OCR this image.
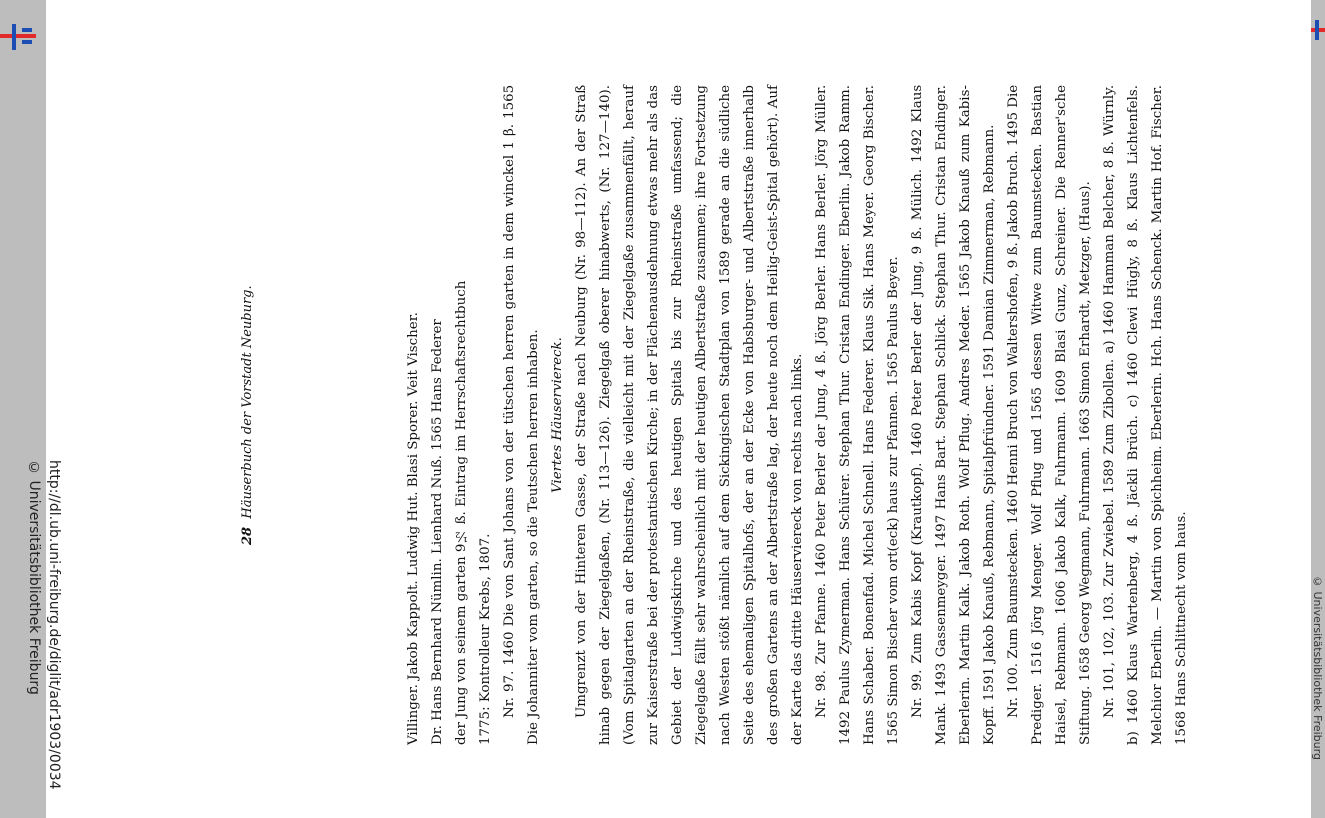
http://dl.ub.uni-freiburg.de/diglit/adr1903/0034
© Universitätsbibliothek Freiburg	© Universitätsbibliothek Freiburg
28  Häuserbuch der Vorstadt Neuburg.	Villinger. Jakob Kappolt. Ludwig Hut. Blasi Sporer. Veit Vischer. Dr. Hans Bernhard Nümlin. Lienhard Nuß. 1565 Hans Federer der Jung von seinem garten 9½ ß. Eintrag im Herrschaftsrechtbuch 1775: Kontrolleur Krebs, 1807. Nr. 97. 1460 Die von Sant Johans von der tütschen herren garten in dem winckel 1 β. 1565 Die Johanniter vom garten, so die Teutschen herren inhaben. Viertes Häuserviereck. Umgrenzt von der Hinteren Gasse, der Straße nach Neuburg (Nr. 98—112). An der Straß hinab gegen der Ziegelgaßen, (Nr. 113—126). Ziegelgaß oberer hinabwerts, (Nr. 127—140). (Vom Spitalgarten an der Rheinstraße, die vielleicht mit der Ziegelgaße zusammenfällt, herauf zur Kaiserstraße bei der protestantischen Kirche; in der Flächenausdehnung etwas mehr als das Gebiet der Ludwigskirche und des heutigen Spitals bis zur Rheinstraße umfassend; die Ziegelgaße fällt sehr wahrscheinlich mit der heutigen Albertstraße zusammen; ihre Fortsetzung nach Westen stößt nämlich auf dem Sickingischen Stadtplan von 1589 gerade an die südliche Seite des ehemaligen Spitalhofs, der an der Ecke von Habsburger- und Albertstraße innerhalb des großen Gartens an der Albertstraße lag, der heute noch dem Heilig-Geist-Spital gehört). Auf der Karte das dritte Häuserviereck von rechts nach links. Nr. 98. Zur Pfanne. 1460 Peter Berler der Jung, 4 ß. Jörg Berler. Hans Berler. Jörg Müller. 1492 Paulus Zymerman. Hans Schürer. Stephan Thur. Cristan Endinger. Eberlin. Jakob Ramm. Hans Schaber. Bonenfad. Michel Schnell. Hans Federer. Klaus Sik. Hans Meyer. Georg Bischer. 1565 Simon Bischer vom ort(eck) haus zur Pfannen. 1565 Paulus Beyer. Nr. 99. Zum Kabis Kopf (Krautkopf). 1460 Peter Berler der Jung, 9 ß. Mülich. 1492 Klaus Mank. 1493 Gassenmeyger. 1497 Hans Bart. Stephan Schlick. Stephan Thur. Cristan Endinger. Eberlerin. Martin Kalk. Jakob Roth. Wolf Pflug. Andres Meder. 1565 Jakob Knauß zum Kabis-Kopff. 1591 Jakob Knauß, Rebmann, Spitalpfründner. 1591 Damian Zimmerman, Rebmann. Nr. 100. Zum Baumstecken. 1460 Henni Bruch von Waltershofen, 9 ß. Jakob Bruch. 1495 Die Prediger. 1516 Jörg Menger. Wolf Pflug und 1565 dessen Witwe zum Baumstecken. Bastian Haisel, Rebmann. 1606 Jakob Kalk, Fuhrmann. 1609 Blasi Gunz, Schreiner. Die Renner'sche Stiftung. 1658 Georg Wegmann, Fuhrmann. 1663 Simon Erhardt, Metzger, (Haus). Nr. 101, 102, 103. Zur Zwiebel. 1589 Zum Zibollen. a) 1460 Hamman Belcher, 8 ß. Würnly. b) 1460 Klaus Wartenberg, 4 ß. Jäckli Brüch. c) 1460 Clewi Hügly, 8 ß. Klaus Lichtenfels. Melchior Eberlin. — Martin von Spichheim. Eberlerin. Hch. Hans Schenck. Martin Hof. Fischer. 1568 Hans Schlittnecht vom haus.
